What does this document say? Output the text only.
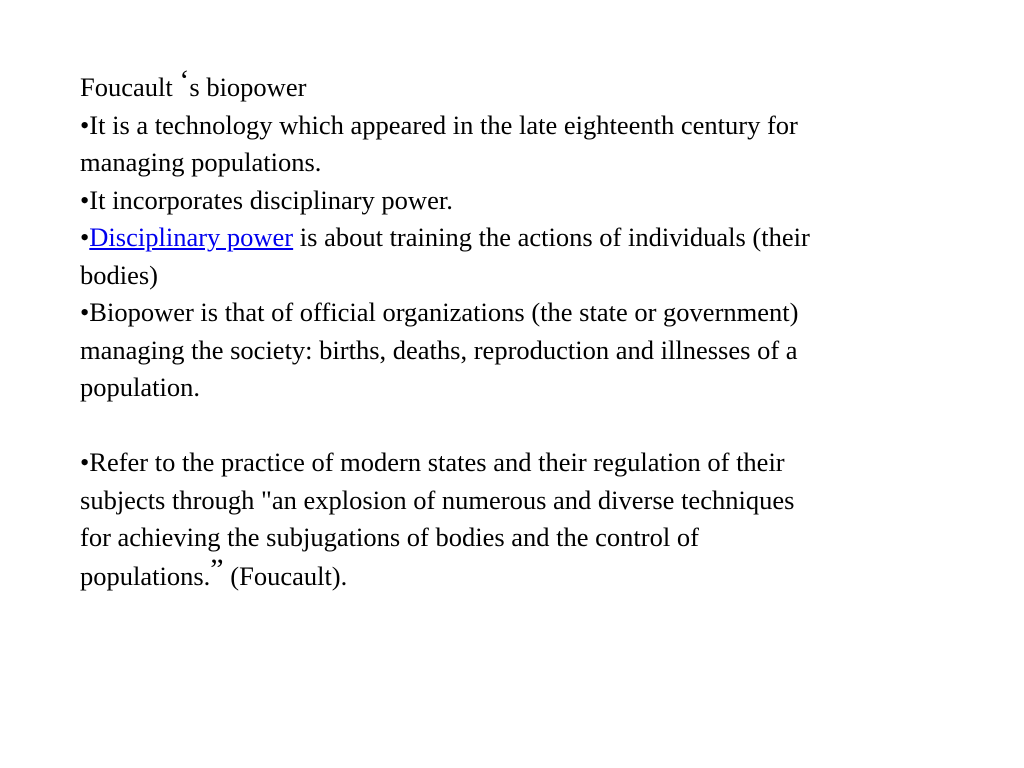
Foucault ‘s biopower
•It is a technology which appeared in the late eighteenth century for
managing populations.
•It incorporates disciplinary power.
•Disciplinary power is about training the actions of individuals (their
bodies)
•Biopower is that of official organizations (the state or government)
managing the society: births, deaths, reproduction and illnesses of a
population.
•Refer to the practice of modern states and their regulation of their
subjects through "an explosion of numerous and diverse techniques
for achieving the subjugations of bodies and the control of
populations.” (Foucault).
